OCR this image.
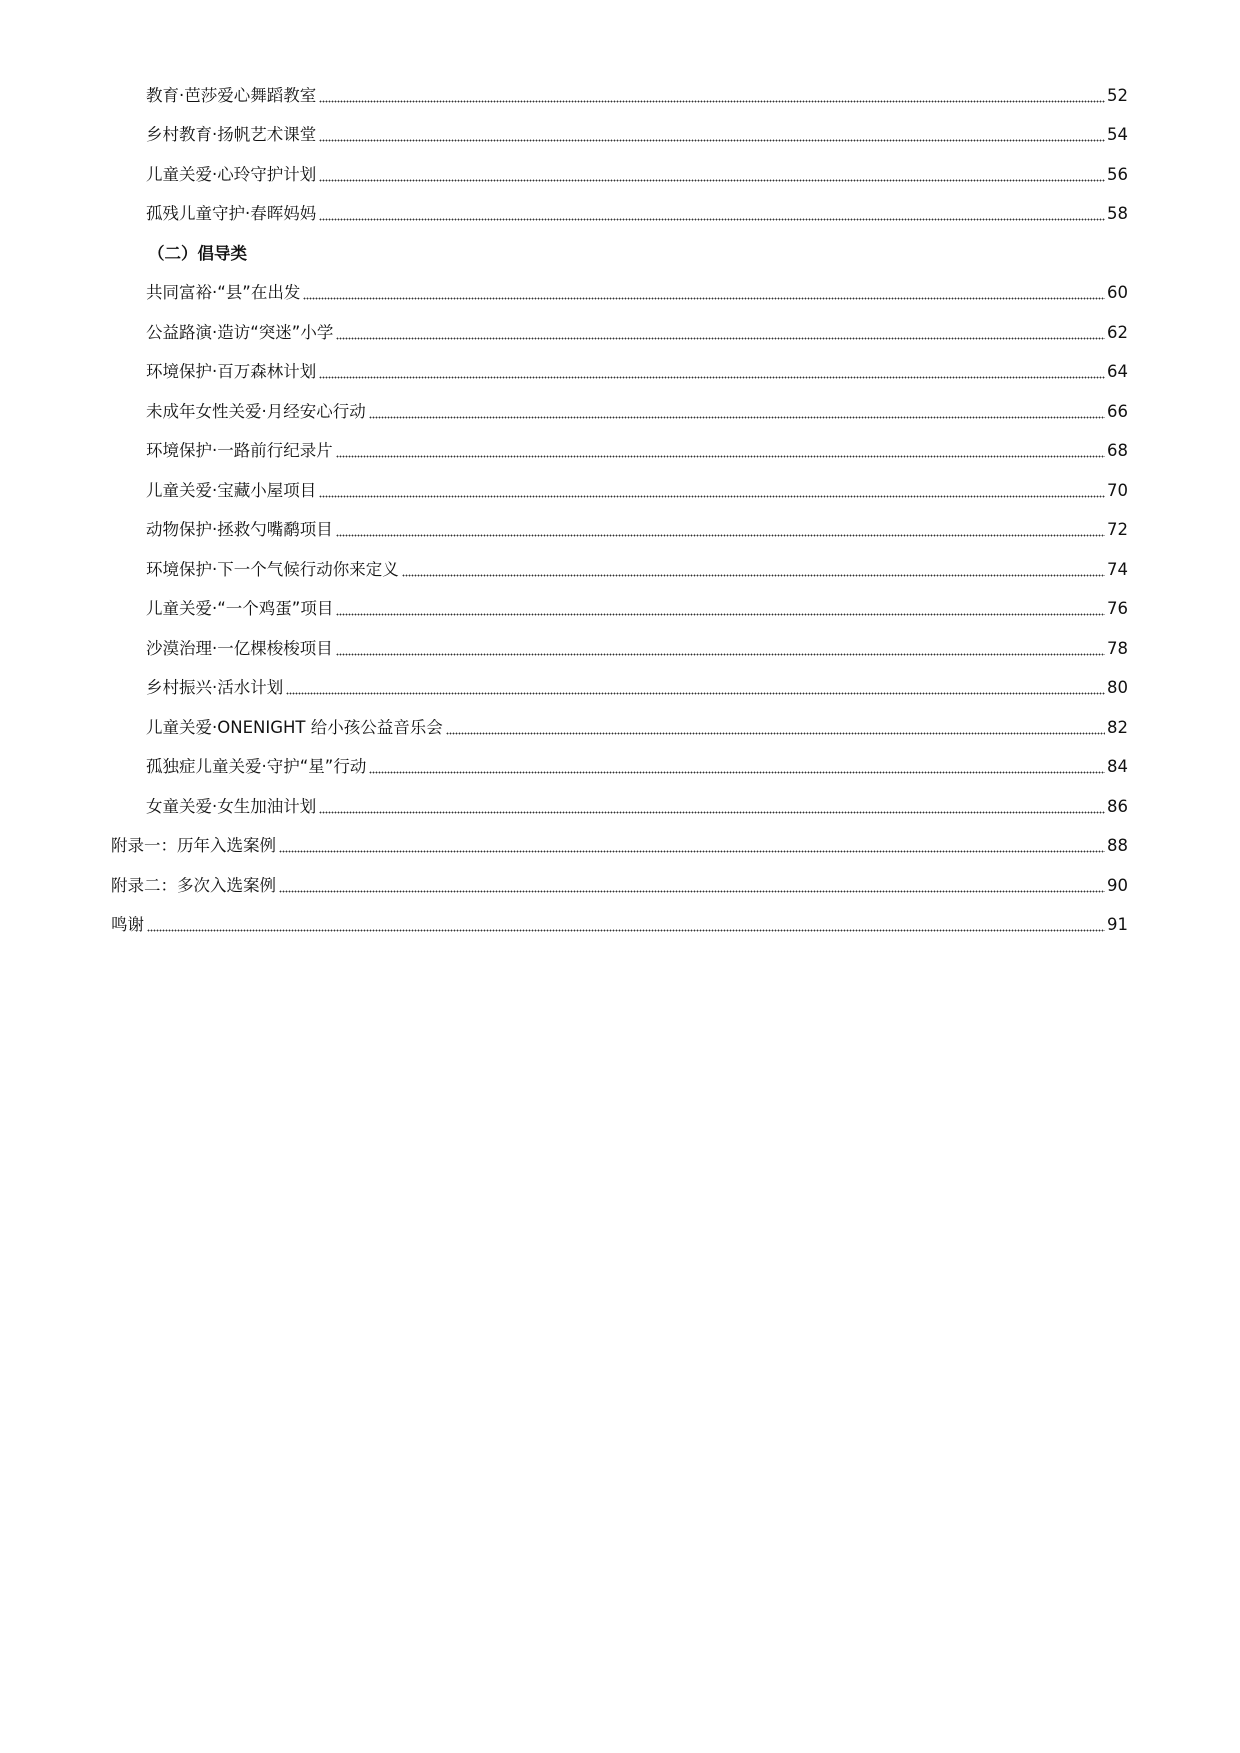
教育·芭莎爱心舞蹈教室	52
乡村教育·扬帆艺术课堂	54
儿童关爱·心玲守护计划	56
孤残儿童守护·春晖妈妈	58
（二）倡导类
共同富裕·“县”在出发	60
公益路演·造访“突迷”小学	62
环境保护·百万森林计划	64
未成年女性关爱·月经安心行动	66
环境保护·一路前行纪录片	68
儿童关爱·宝藏小屋项目	70
动物保护·拯救勺嘴鹬项目	72
环境保护·下一个气候行动你来定义	74
儿童关爱·“一个鸡蛋”项目	76
沙漠治理·一亿棵梭梭项目	78
乡村振兴·活水计划	80
儿童关爱·ONENIGHT 给小孩公益音乐会	82
孤独症儿童关爱·守护“星”行动	84
女童关爱·女生加油计划	86
附录一：历年入选案例	88
附录二：多次入选案例	90
鸣谢	91
